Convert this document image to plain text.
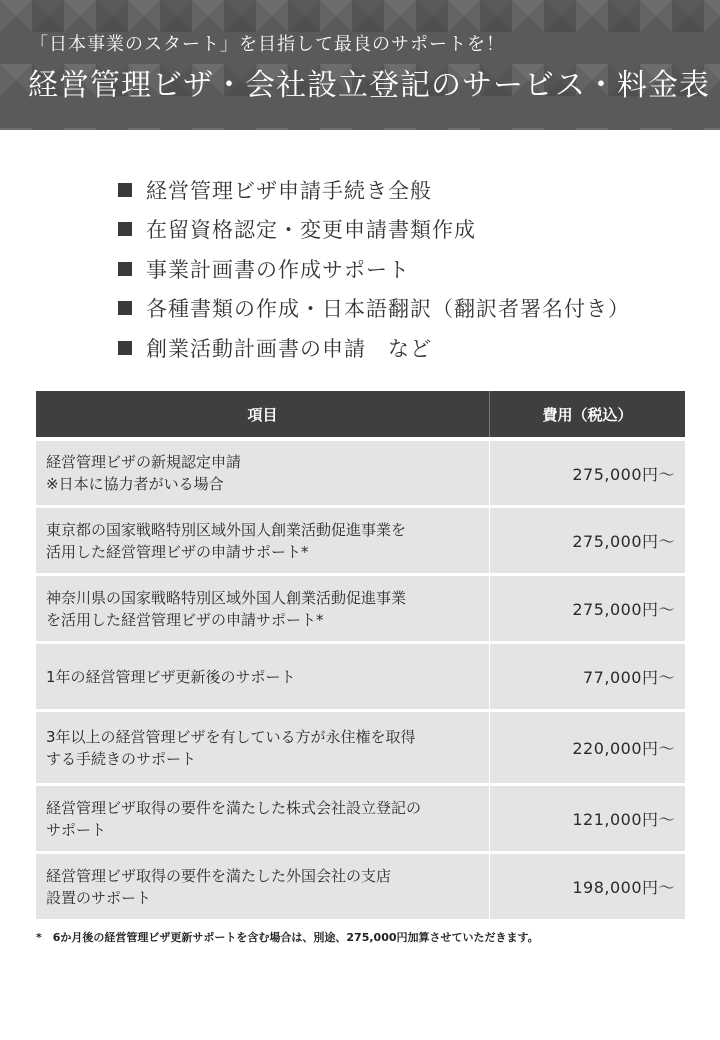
「日本事業のスタート」を目指して最良のサポートを！
経営管理ビザ・会社設立登記のサービス・料金表
経営管理ビザ申請手続き全般
在留資格認定・変更申請書類作成
事業計画書の作成サポート
各種書類の作成・日本語翻訳（翻訳者署名付き）
創業活動計画書の申請　など
項目	費用（税込）

経営管理ビザの新規認定申請
※日本に協力者がいる場合	275,000円～

東京都の国家戦略特別区域外国人創業活動促進事業を
活用した経営管理ビザの申請サポート*	275,000円～

神奈川県の国家戦略特別区域外国人創業活動促進事業
を活用した経営管理ビザの申請サポート*	275,000円～

1年の経営管理ビザ更新後のサポート	77,000円～

3年以上の経営管理ビザを有している方が永住権を取得
する手続きのサポート	220,000円～

経営管理ビザ取得の要件を満たした株式会社設立登記の
サポート	121,000円～

経営管理ビザ取得の要件を満たした外国会社の支店
設置のサポート	198,000円～
*　6か月後の経営管理ビザ更新サポートを含む場合は、別途、275,000円加算させていただきます。
